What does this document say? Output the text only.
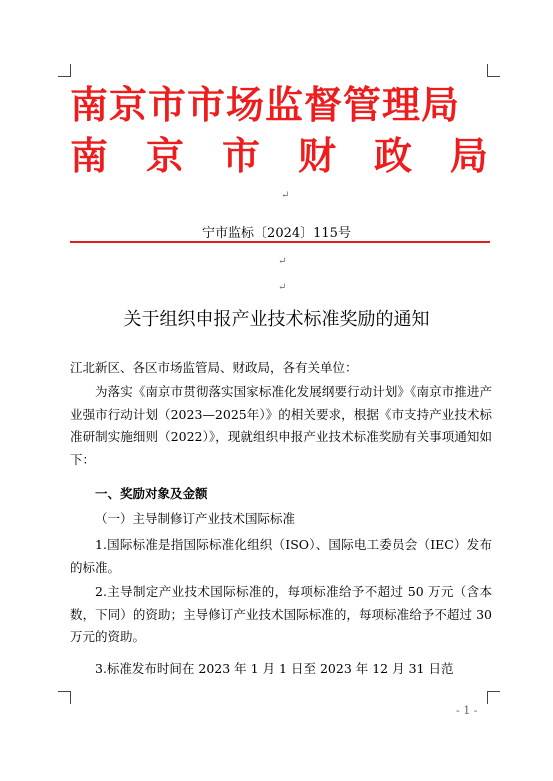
南京市市场监督管理局
南 京 市 财 政 局
↵
宁市监标〔2024〕115号
↵
↵
关于组织申报产业技术标准奖励的通知
江北新区、各区市场监管局、财政局，各有关单位：
为落实《南京市贯彻落实国家标准化发展纲要行动计划》《南京市推进产业强市行动计划（2023—2025年）》的相关要求，根据《市支持产业技术标准研制实施细则（2022）》，现就组织申报产业技术标准奖励有关事项通知如下：
一、奖励对象及金额
（一）主导制修订产业技术国际标准
1.国际标准是指国际标准化组织（ISO）、国际电工委员会（IEC）发布的标准。
2.主导制定产业技术国际标准的，每项标准给予不超过 50 万元（含本数，下同）的资助；主导修订产业技术国际标准的，每项标准给予不超过 30 万元的资助。
3.标准发布时间在 2023 年 1 月 1 日至 2023 年 12 月 31 日范
- 1 -
